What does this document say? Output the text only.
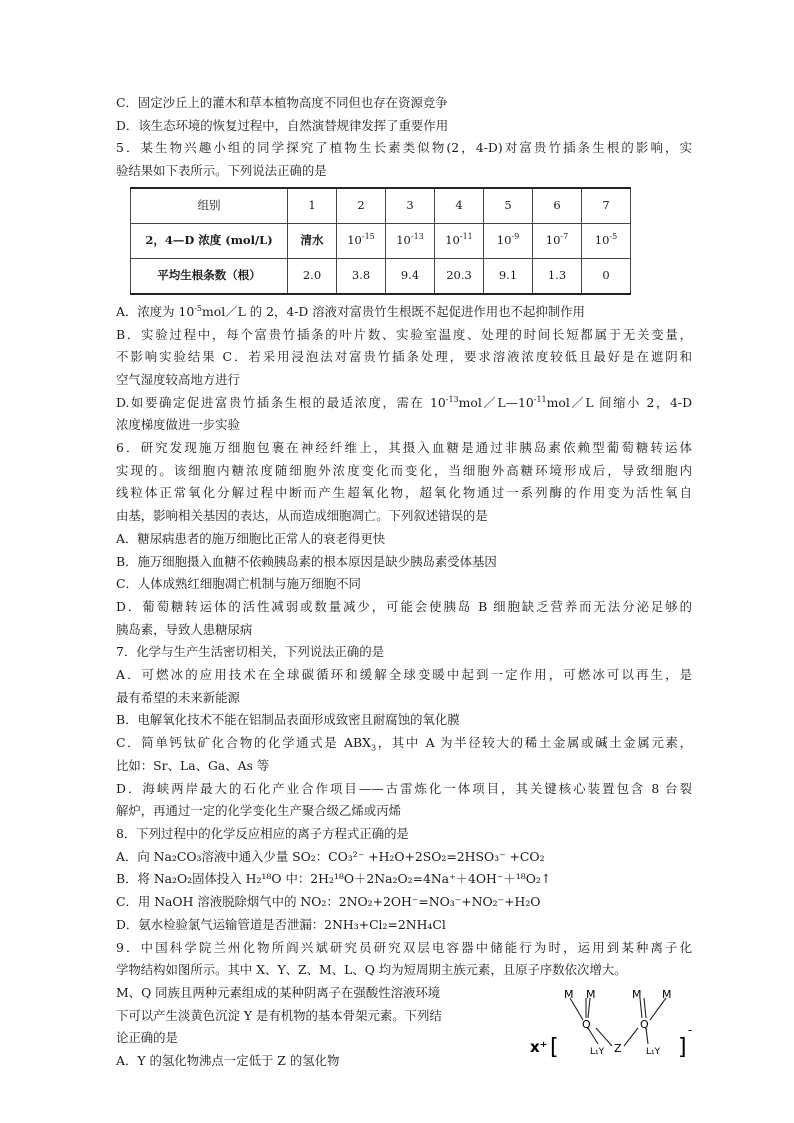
C．固定沙丘上的灌木和草本植物高度不同但也存在资源竞争
D．该生态环境的恢复过程中，自然演替规律发挥了重要作用
5．某生物兴趣小组的同学探究了植物生长素类似物(2，4-D)对富贵竹插条生根的影响，实
验结果如下表所示。下列说法正确的是
组别	1	2	3	4	5	6	7
2，4—D 浓度 (mol/L)	清水	$10^{-15}$	$10^{-13}$	$10^{-11}$	$10^{-9}$	$10^{-7}$	$10^{-5}$
平均生根条数（根）	2.0	3.8	9.4	20.3	9.1	1.3	0
A．浓度为 $10^{-5}mol/L$ 的 2，4-D 溶液对富贵竹生根既不起促进作用也不起抑制作用
B．实验过程中，每个富贵竹插条的叶片数、实验室温度、处理的时间长短都属于无关变量，
不影响实验结果 C．若采用浸泡法对富贵竹插条处理，要求溶液浓度较低且最好是在遮阴和
空气湿度较高地方进行
D.如要确定促进富贵竹插条生根的最适浓度，需在 $10^{-13}mol/L—10^{-11}mol/L$ 间缩小 2，4-D
浓度梯度做进一步实验
6．研究发现施万细胞包裹在神经纤维上，其摄入血糖是通过非胰岛素依赖型葡萄糖转运体
实现的。该细胞内糖浓度随细胞外浓度变化而变化，当细胞外高糖环境形成后，导致细胞内
线粒体正常氧化分解过程中断而产生超氧化物，超氧化物通过一系列酶的作用变为活性氧自
由基，影响相关基因的表达，从而造成细胞凋亡。下列叙述错误的是
A．糖尿病患者的施万细胞比正常人的衰老得更快
B．施万细胞摄入血糖不依赖胰岛素的根本原因是缺少胰岛素受体基因
C．人体成熟红细胞凋亡机制与施万细胞不同
D．葡萄糖转运体的活性减弱或数量减少，可能会使胰岛 B 细胞缺乏营养而无法分泌足够的
胰岛素，导致人患糖尿病
7．化学与生产生活密切相关，下列说法正确的是
A．可燃冰的应用技术在全球碳循环和缓解全球变暖中起到一定作用，可燃冰可以再生，是
最有希望的未来新能源
B．电解氧化技术不能在铝制品表面形成致密且耐腐蚀的氧化膜
C．简单钙钛矿化合物的化学通式是 $ABX_3$，其中 A 为半径较大的稀土金属或碱土金属元素，
比如：Sr、La、Ga、As 等
D．海峡两岸最大的石化产业合作项目——古雷炼化一体项目，其关键核心装置包含 8 台裂
解炉，再通过一定的化学变化生产聚合级乙烯或丙烯
8．下列过程中的化学反应相应的离子方程式正确的是
A．向 Na₂CO₃溶液中通入少量 SO₂：CO₃²⁻ +H₂O+2SO₂=2HSO₃⁻ +CO₂
B．将 Na₂O₂固体投入 H₂¹⁸O 中：2H₂¹⁸O＋2Na₂O₂=4Na⁺＋4OH⁻＋¹⁸O₂↑
C．用 NaOH 溶液脱除烟气中的 NO₂：2NO₂+2OH⁻=NO₃⁻+NO₂⁻+H₂O
D．氨水检验氯气运输管道是否泄漏：2NH₃+Cl₂=2NH₄Cl
9．中国科学院兰州化物所阎兴斌研究员研究双层电容器中储能行为时，运用到某种离子化
学物结构如图所示。其中 X、Y、Z、M、L、Q 均为短周期主族元素，且原子序数依次增大。
M、Q 同族且两种元素组成的某种阴离子在强酸性溶液环境
下可以产生淡黄色沉淀 Y 是有机物的基本骨架元素。下列结
论正确的是
A．Y 的氢化物沸点一定低于 Z 的氢化物
x⁺ [
M M
Q
L₁Y Z
M M
Q
L₁Y ]
-
